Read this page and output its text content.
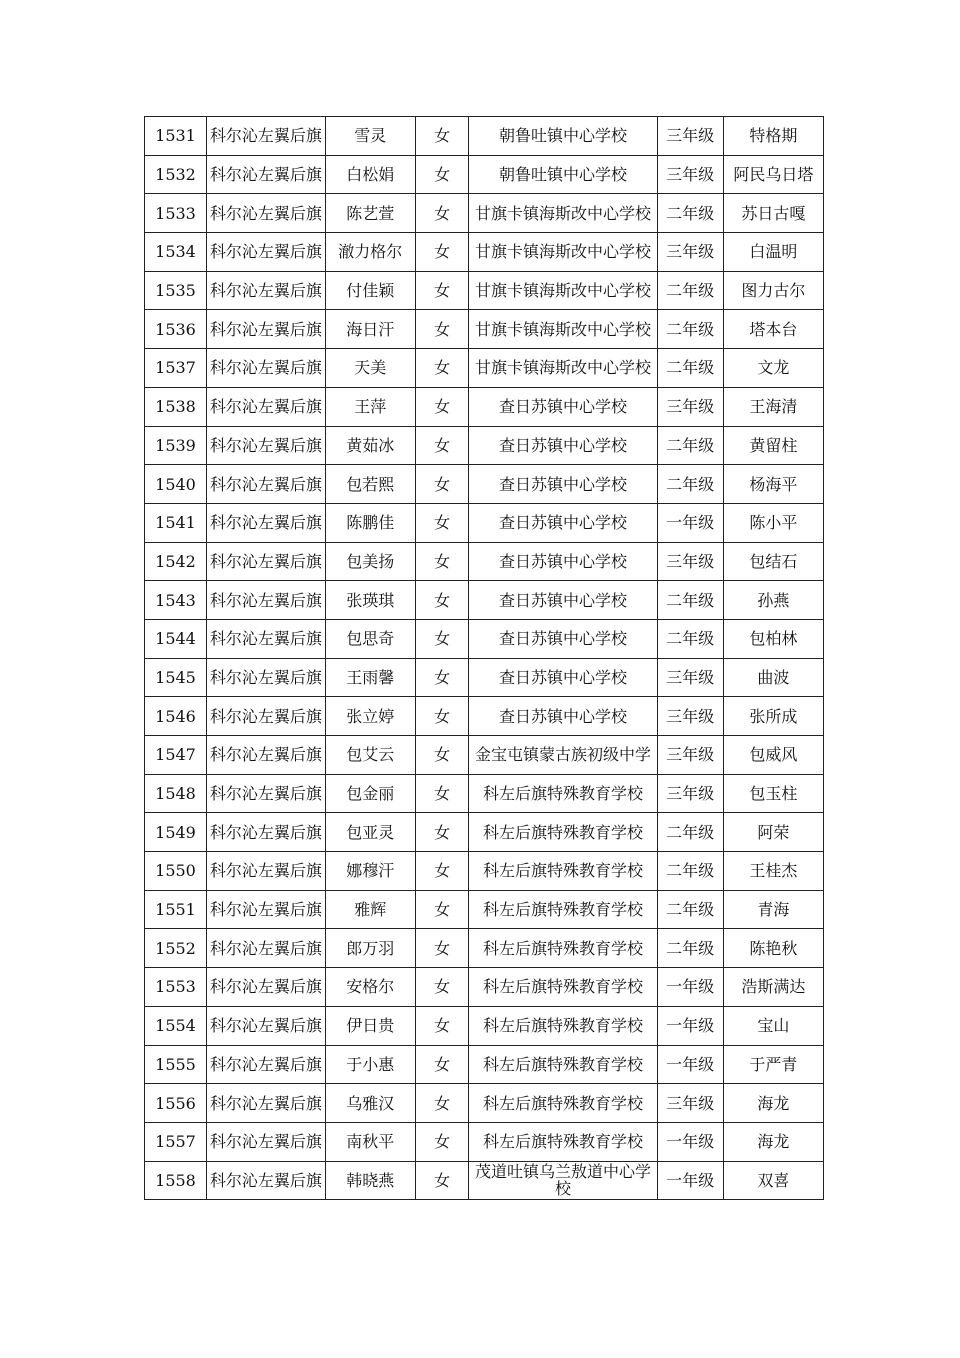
1531	科尔沁左翼后旗	雪灵	女	朝鲁吐镇中心学校	三年级	特格期
1532	科尔沁左翼后旗	白松娟	女	朝鲁吐镇中心学校	三年级	阿民乌日塔
1533	科尔沁左翼后旗	陈艺萱	女	甘旗卡镇海斯改中心学校	二年级	苏日古嘎
1534	科尔沁左翼后旗	澈力格尔	女	甘旗卡镇海斯改中心学校	三年级	白温明
1535	科尔沁左翼后旗	付佳颖	女	甘旗卡镇海斯改中心学校	二年级	图力古尔
1536	科尔沁左翼后旗	海日汗	女	甘旗卡镇海斯改中心学校	二年级	塔本台
1537	科尔沁左翼后旗	天美	女	甘旗卡镇海斯改中心学校	二年级	文龙
1538	科尔沁左翼后旗	王萍	女	查日苏镇中心学校	三年级	王海清
1539	科尔沁左翼后旗	黄茹冰	女	查日苏镇中心学校	二年级	黄留柱
1540	科尔沁左翼后旗	包若熙	女	查日苏镇中心学校	二年级	杨海平
1541	科尔沁左翼后旗	陈鹏佳	女	查日苏镇中心学校	一年级	陈小平
1542	科尔沁左翼后旗	包美扬	女	查日苏镇中心学校	三年级	包结石
1543	科尔沁左翼后旗	张瑛琪	女	查日苏镇中心学校	二年级	孙燕
1544	科尔沁左翼后旗	包思奇	女	查日苏镇中心学校	二年级	包柏林
1545	科尔沁左翼后旗	王雨馨	女	查日苏镇中心学校	三年级	曲波
1546	科尔沁左翼后旗	张立婷	女	查日苏镇中心学校	三年级	张所成
1547	科尔沁左翼后旗	包艾云	女	金宝屯镇蒙古族初级中学	三年级	包威风
1548	科尔沁左翼后旗	包金丽	女	科左后旗特殊教育学校	三年级	包玉柱
1549	科尔沁左翼后旗	包亚灵	女	科左后旗特殊教育学校	二年级	阿荣
1550	科尔沁左翼后旗	娜穆汗	女	科左后旗特殊教育学校	二年级	王桂杰
1551	科尔沁左翼后旗	雅辉	女	科左后旗特殊教育学校	二年级	青海
1552	科尔沁左翼后旗	郎万羽	女	科左后旗特殊教育学校	二年级	陈艳秋
1553	科尔沁左翼后旗	安格尔	女	科左后旗特殊教育学校	一年级	浩斯满达
1554	科尔沁左翼后旗	伊日贵	女	科左后旗特殊教育学校	一年级	宝山
1555	科尔沁左翼后旗	于小惠	女	科左后旗特殊教育学校	一年级	于严青
1556	科尔沁左翼后旗	乌雅汉	女	科左后旗特殊教育学校	三年级	海龙
1557	科尔沁左翼后旗	南秋平	女	科左后旗特殊教育学校	一年级	海龙
1558	科尔沁左翼后旗	韩晓燕	女	茂道吐镇乌兰敖道中心学校	一年级	双喜
